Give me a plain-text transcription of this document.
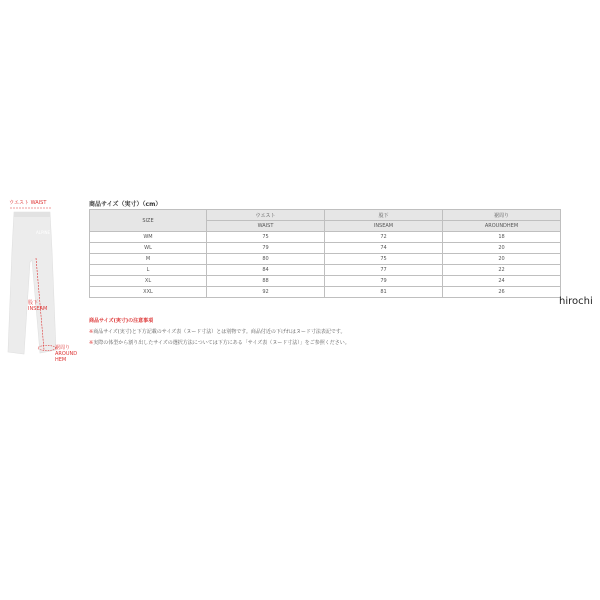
ALPINE
ウエスト WAIST
股下
INSEAM
裾周り
AROUND
HEM
商品サイズ（実寸）（cm）
SIZE	ウエスト	股下	裾周り
	WAIST	INSEAM	AROUNDHEM
WM	75	72	18
WL	79	74	20
M	80	75	20
L	84	77	22
XL	88	79	24
XXL	92	81	26
商品サイズ(実寸)の注意事項
※商品サイズ(実寸)と下方記載のサイズ表（ヌード寸法）とは別物です。商品付近の下げれはヌード寸法表記です。
※実際の体型から割り出したサイズの選択方法については下方にある「サイズ表（ヌード寸法）」をご参照ください。
hirochi
